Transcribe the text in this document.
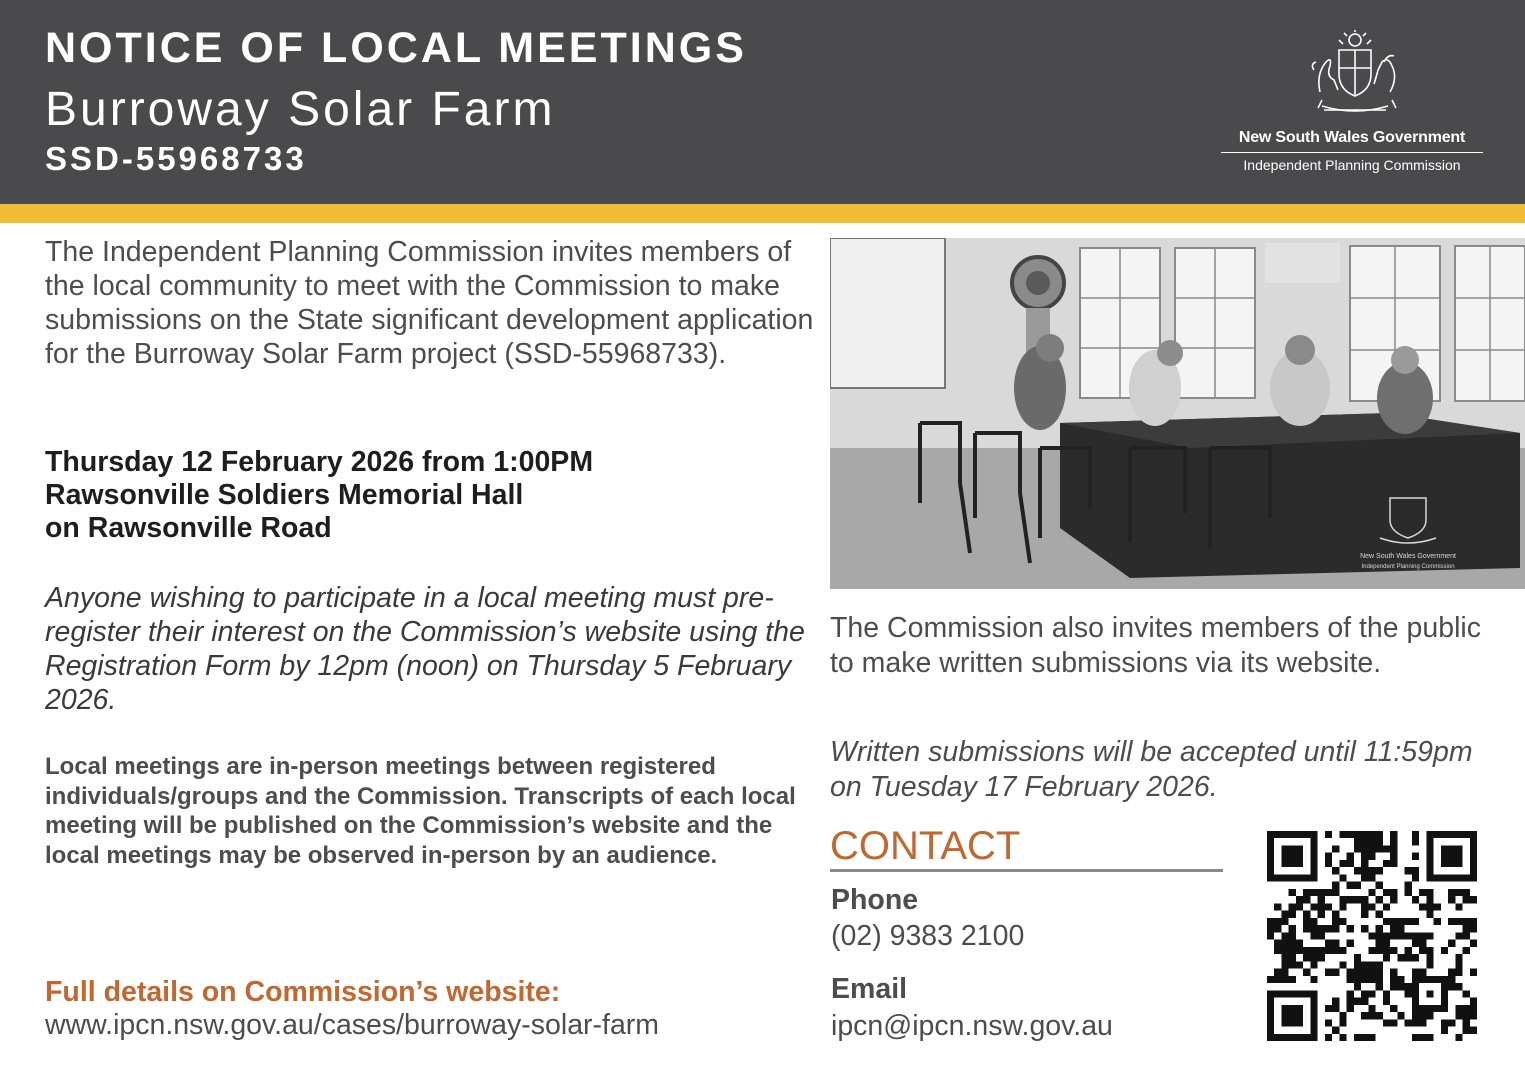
NOTICE OF LOCAL MEETINGS
Burroway Solar Farm
SSD-55968733
New South Wales Government
Independent Planning Commission

The Independent Planning Commission invites members of the local community to meet with the Commission to make submissions on the State significant development application for the Burroway Solar Farm project (SSD-55968733).

Thursday 12 February 2026 from 1:00PM
Rawsonville Soldiers Memorial Hall
on Rawsonville Road

Anyone wishing to participate in a local meeting must pre-register their interest on the Commission’s website using the Registration Form by 12pm (noon) on Thursday 5 February 2026.

Local meetings are in-person meetings between registered individuals/groups and the Commission. Transcripts of each local meeting will be published on the Commission’s website and the local meetings may be observed in-person by an audience.

Full details on Commission’s website:
www.ipcn.nsw.gov.au/cases/burroway-solar-farm
New South Wales Government
Independent Planning Commission

The Commission also invites members of the public to make written submissions via its website.

Written submissions will be accepted until 11:59pm on Tuesday 17 February 2026.

CONTACT
Phone
(02) 9383 2100
Email
ipcn@ipcn.nsw.gov.au
